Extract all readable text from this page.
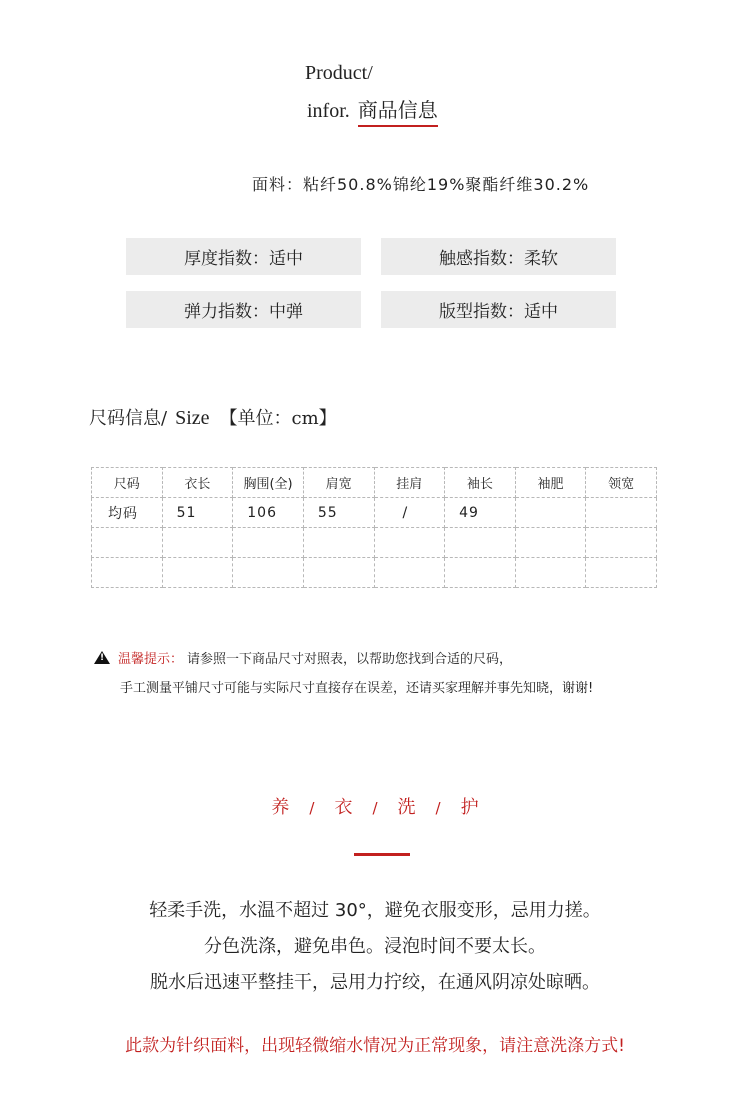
Product/
infor. 商品信息
面料：粘纤50.8%锦纶19%聚酯纤维30.2%
厚度指数：适中	触感指数：柔软
弹力指数：中弹	版型指数：适中
尺码信息/ Size 【单位：cm】
尺码	衣长	胸围(全)	肩宽	挂肩	袖长	袖肥	领宽
均码	51	106	55	/	49		

! 温馨提示： 请参照一下商品尺寸对照表，以帮助您找到合适的尺码，
手工测量平铺尺寸可能与实际尺寸直接存在误差，还请买家理解并事先知晓，谢谢!
养 / 衣 / 洗 / 护
轻柔手洗，水温不超过 30°，避免衣服变形，忌用力搓。
分色洗涤，避免串色。浸泡时间不要太长。
脱水后迅速平整挂干，忌用力拧绞，在通风阴凉处晾晒。
此款为针织面料，出现轻微缩水情况为正常现象，请注意洗涤方式!
